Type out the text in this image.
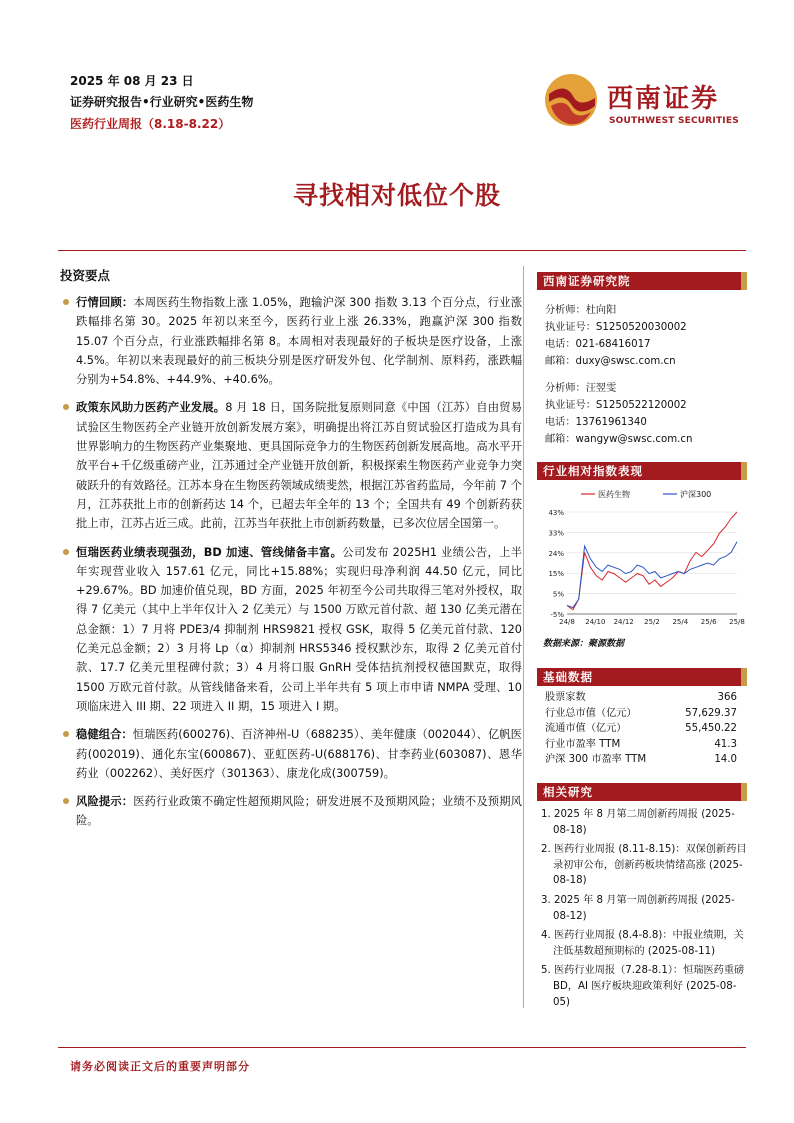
2025 年 08 月 23 日
证券研究报告•行业研究•医药生物
医药行业周报（8.18-8.22）
西南证券
SOUTHWEST SECURITIES
寻找相对低位个股
投资要点
行情回顾：本周医药生物指数上涨 1.05%，跑输沪深 300 指数 3.13 个百分点，行业涨跌幅排名第 30。2025 年初以来至今，医药行业上涨 26.33%，跑赢沪深 300 指数 15.07 个百分点，行业涨跌幅排名第 8。本周相对表现最好的子板块是医疗设备，上涨 4.5%。年初以来表现最好的前三板块分别是医疗研发外包、化学制剂、原料药，涨跌幅分别为+54.8%、+44.9%、+40.6%。
政策东风助力医药产业发展。8 月 18 日，国务院批复原则同意《中国（江苏）自由贸易试验区生物医药全产业链开放创新发展方案》，明确提出将江苏自贸试验区打造成为具有世界影响力的生物医药产业集聚地、更具国际竞争力的生物医药创新发展高地。高水平开放平台+千亿级重磅产业，江苏通过全产业链开放创新，积极探索生物医药产业竞争力突破跃升的有效路径。江苏本身在生物医药领域成绩斐然，根据江苏省药监局，今年前 7 个月，江苏获批上市的创新药达 14 个，已超去年全年的 13 个；全国共有 49 个创新药获批上市，江苏占近三成。此前，江苏当年获批上市创新药数量，已多次位居全国第一。
恒瑞医药业绩表现强劲，BD 加速、管线储备丰富。公司发布 2025H1 业绩公告，上半年实现营业收入 157.61 亿元，同比+15.88%；实现归母净利润 44.50 亿元，同比+29.67%。BD 加速价值兑现，BD 方面，2025 年初至今公司共取得三笔对外授权，取得 7 亿美元（其中上半年仅计入 2 亿美元）与 1500 万欧元首付款、超 130 亿美元潜在总金额：1）7 月将 PDE3/4 抑制剂 HRS9821 授权 GSK，取得 5 亿美元首付款、120 亿美元总金额；2）3 月将 Lp（α）抑制剂 HRS5346 授权默沙东，取得 2 亿美元首付款、17.7 亿美元里程碑付款；3）4 月将口服 GnRH 受体拮抗剂授权德国默克，取得 1500 万欧元首付款。从管线储备来看，公司上半年共有 5 项上市申请 NMPA 受理、10 项临床进入 III 期、22 项进入 II 期，15 项进入 I 期。
稳健组合：恒瑞医药(600276)、百济神州-U（688235）、美年健康（002044）、亿帆医药(002019)、通化东宝(600867)、亚虹医药-U(688176)、甘李药业(603087)、恩华药业（002262）、美好医疗（301363）、康龙化成(300759)。
风险提示：医药行业政策不确定性超预期风险；研发进展不及预期风险；业绩不及预期风险。
西南证券研究院
分析师：杜向阳
执业证号：S1250520030002
电话：021-68416017
邮箱：duxy@swsc.com.cn
分析师：汪翌雯
执业证号：S1250522120002
电话：13761961340
邮箱：wangyw@swsc.com.cn
行业相对指数表现
43%
33%
24%
15%
5%
-5%
24/8 24/10 24/12 25/2 25/4 25/6 25/8
医药生物	沪深300
数据来源：聚源数据
基础数据
股票家数	366
行业总市值（亿元）	57,629.37
流通市值（亿元）	55,450.22
行业市盈率 TTM	41.3
沪深 300 市盈率 TTM	14.0
相关研究
1. 2025 年 8 月第二周创新药周报 (2025-08-18)
2. 医药行业周报 (8.11-8.15)：双保创新药目录初审公布，创新药板块情绪高涨 (2025-08-18)
3. 2025 年 8 月第一周创新药周报 (2025-08-12)
4. 医药行业周报 (8.4-8.8)：中报业绩期，关注低基数超预期标的 (2025-08-11)
5. 医药行业周报（7.28-8.1）：恒瑞医药重磅 BD，AI 医疗板块迎政策利好 (2025-08-05)
请务必阅读正文后的重要声明部分
